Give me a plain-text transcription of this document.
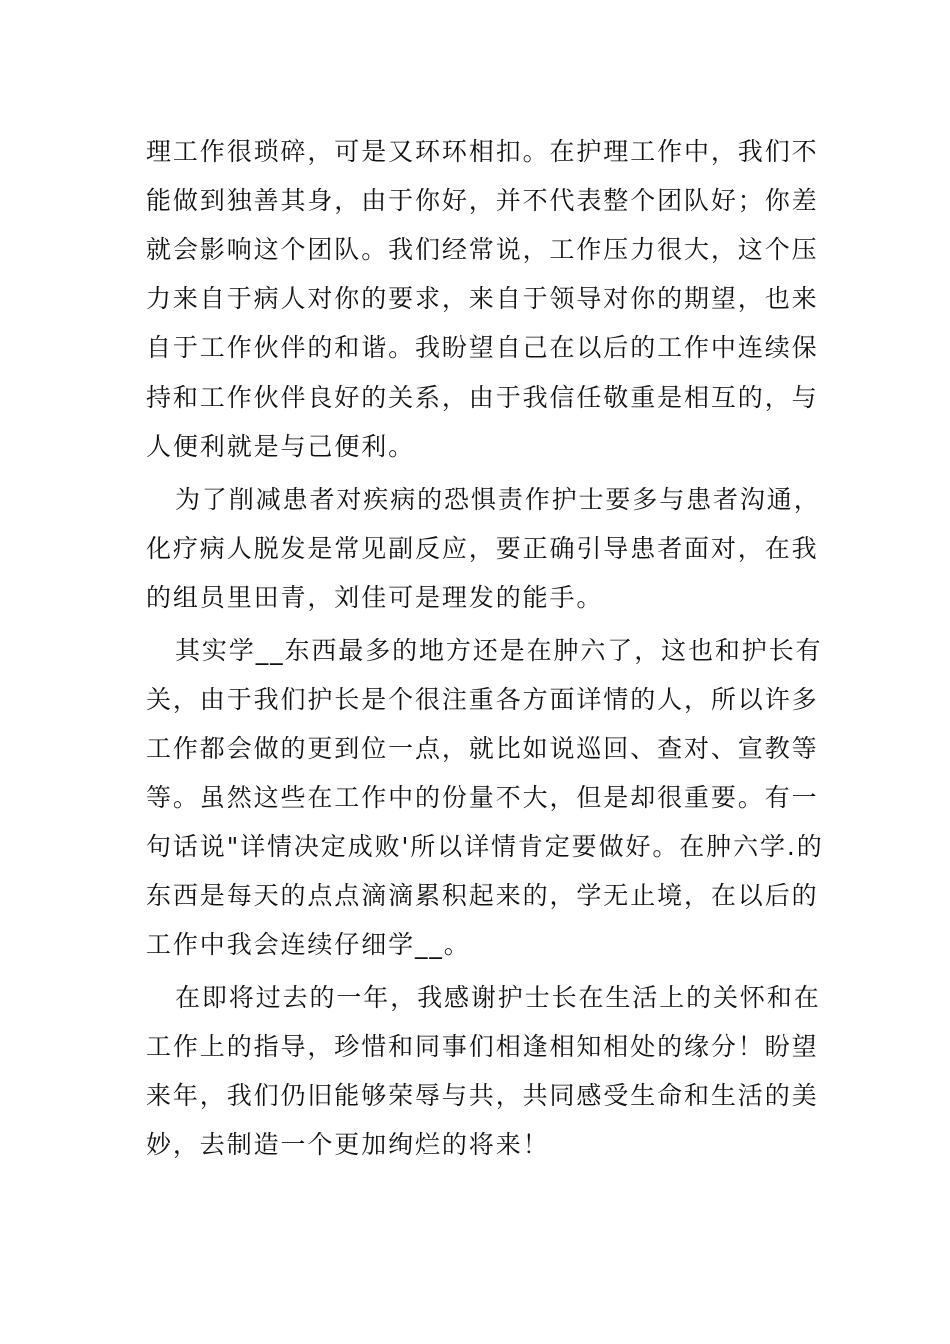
理工作很琐碎，可是又环环相扣。在护理工作中，我们不
能做到独善其身，由于你好，并不代表整个团队好；你差
就会影响这个团队。我们经常说，工作压力很大，这个压
力来自于病人对你的要求，来自于领导对你的期望，也来
自于工作伙伴的和谐。我盼望自己在以后的工作中连续保
持和工作伙伴良好的关系，由于我信任敬重是相互的，与
人便利就是与己便利。
为了削减患者对疾病的恐惧责作护士要多与患者沟通，
化疗病人脱发是常见副反应，要正确引导患者面对，在我
的组员里田青，刘佳可是理发的能手。
其实学__东西最多的地方还是在肿六了，这也和护长有
关，由于我们护长是个很注重各方面详情的人，所以许多
工作都会做的更到位一点，就比如说巡回、查对、宣教等
等。虽然这些在工作中的份量不大，但是却很重要。有一
句话说"详情决定成败'所以详情肯定要做好。在肿六学.的
东西是每天的点点滴滴累积起来的，学无止境，在以后的
工作中我会连续仔细学__。
在即将过去的一年，我感谢护士长在生活上的关怀和在
工作上的指导，珍惜和同事们相逢相知相处的缘分！盼望
来年，我们仍旧能够荣辱与共，共同感受生命和生活的美
妙，去制造一个更加绚烂的将来！
